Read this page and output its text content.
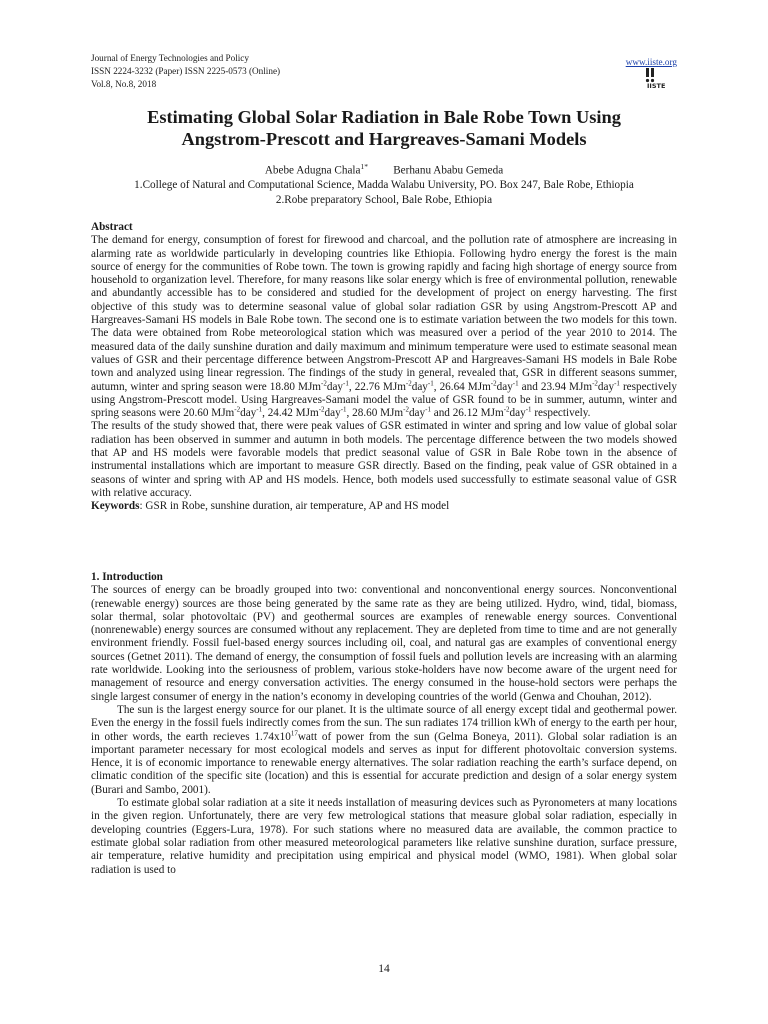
Journal of Energy Technologies and Policy
ISSN 2224-3232 (Paper) ISSN 2225-0573 (Online)
Vol.8, No.8, 2018
www.iiste.org
IISTE
Estimating Global Solar Radiation in Bale Robe Town Using
Angstrom-Prescott and Hargreaves-Samani Models
Abebe Adugna Chala$^{1*}$ Berhanu Ababu Gemeda
1.College of Natural and Computational Science, Madda Walabu University, PO. Box 247, Bale Robe, Ethiopia
2.Robe preparatory School, Bale Robe, Ethiopia

Abstract

The demand for energy, consumption of forest for firewood and charcoal, and the pollution rate of atmosphere are increasing in alarming rate as worldwide particularly in developing countries like Ethiopia. Following hydro energy the forest is the main source of energy for the communities of Robe town. The town is growing rapidly and facing high shortage of energy source from household to organization level. Therefore, for many reasons like solar energy which is free of environmental pollution, renewable and abundantly accessible has to be considered and studied for the development of project on energy harvesting. The first objective of this study was to determine seasonal value of global solar radiation GSR by using Angstrom-Prescott AP and Hargreaves-Samani HS models in Bale Robe town. The second one is to estimate variation between the two models for this town. The data were obtained from Robe meteorological station which was measured over a period of the year 2010 to 2014. The measured data of the daily sunshine duration and daily maximum and minimum temperature were used to estimate seasonal mean values of GSR and their percentage difference between Angstrom-Prescott AP and Hargreaves-Samani HS models in Bale Robe town and analyzed using linear regression. The findings of the study in general, revealed that, GSR in different seasons summer, autumn, winter and spring season were 18.80 MJm$^{-2}$day$^{-1}$, 22.76 MJm$^{-2}$day$^{-1}$, 26.64 MJm$^{-2}$day$^{-1}$ and 23.94 MJm$^{-2}$day$^{-1}$ respectively using Angstrom-Prescott model. Using Hargreaves-Samani model the value of GSR found to be in summer, autumn, winter and spring seasons were 20.60 MJm$^{-2}$day$^{-1}$, 24.42 MJm$^{-2}$day$^{-1}$, 28.60 MJm$^{-2}$day$^{-1}$ and 26.12 MJm$^{-2}$day$^{-1}$ respectively.

The results of the study showed that, there were peak values of GSR estimated in winter and spring and low value of global solar radiation has been observed in summer and autumn in both models. The percentage difference between the two models showed that AP and HS models were favorable models that predict seasonal value of GSR in Bale Robe town in the absence of instrumental installations which are important to measure GSR directly. Based on the finding, peak value of GSR obtained in a seasons of winter and spring with AP and HS models. Hence, both models used successfully to estimate seasonal value of GSR with relative accuracy.

Keywords: GSR in Robe, sunshine duration, air temperature, AP and HS model

1. Introduction

The sources of energy can be broadly grouped into two: conventional and nonconventional energy sources. Nonconventional (renewable energy) sources are those being generated by the same rate as they are being utilized. Hydro, wind, tidal, biomass, solar thermal, solar photovoltaic (PV) and geothermal sources are examples of renewable energy sources. Conventional (nonrenewable) energy sources are consumed without any replacement. They are depleted from time to time and are not generally environment friendly. Fossil fuel-based energy sources including oil, coal, and natural gas are examples of conventional energy sources (Getnet 2011). The demand of energy, the consumption of fossil fuels and pollution levels are increasing with an alarming rate worldwide. Looking into the seriousness of problem, various stoke-holders have now become aware of the urgent need for management of resource and energy conversation activities. The energy consumed in the house-hold sectors were perhaps the single largest consumer of energy in the nation’s economy in developing countries of the world (Genwa and Chouhan, 2012).

The sun is the largest energy source for our planet. It is the ultimate source of all energy except tidal and geothermal power. Even the energy in the fossil fuels indirectly comes from the sun. The sun radiates 174 trillion kWh of energy to the earth per hour, in other words, the earth recieves $1.74x10^{17}watt$ of power from the sun (Gelma Boneya, 2011). Global solar radiation is an important parameter necessary for most ecological models and serves as input for different photovoltaic conversion systems. Hence, it is of economic importance to renewable energy alternatives. The solar radiation reaching the earth’s surface depend, on climatic condition of the specific site (location) and this is essential for accurate prediction and design of a solar energy system (Burari and Sambo, 2001).

To estimate global solar radiation at a site it needs installation of measuring devices such as Pyronometers at many locations in the given region. Unfortunately, there are very few metrological stations that measure global solar radiation, especially in developing countries (Eggers-Lura, 1978). For such stations where no measured data are available, the common practice to estimate global solar radiation from other measured meteorological parameters like relative sunshine duration, surface pressure, air temperature, relative humidity and precipitation using empirical and physical model (WMO, 1981). When global solar radiation is used to

14
